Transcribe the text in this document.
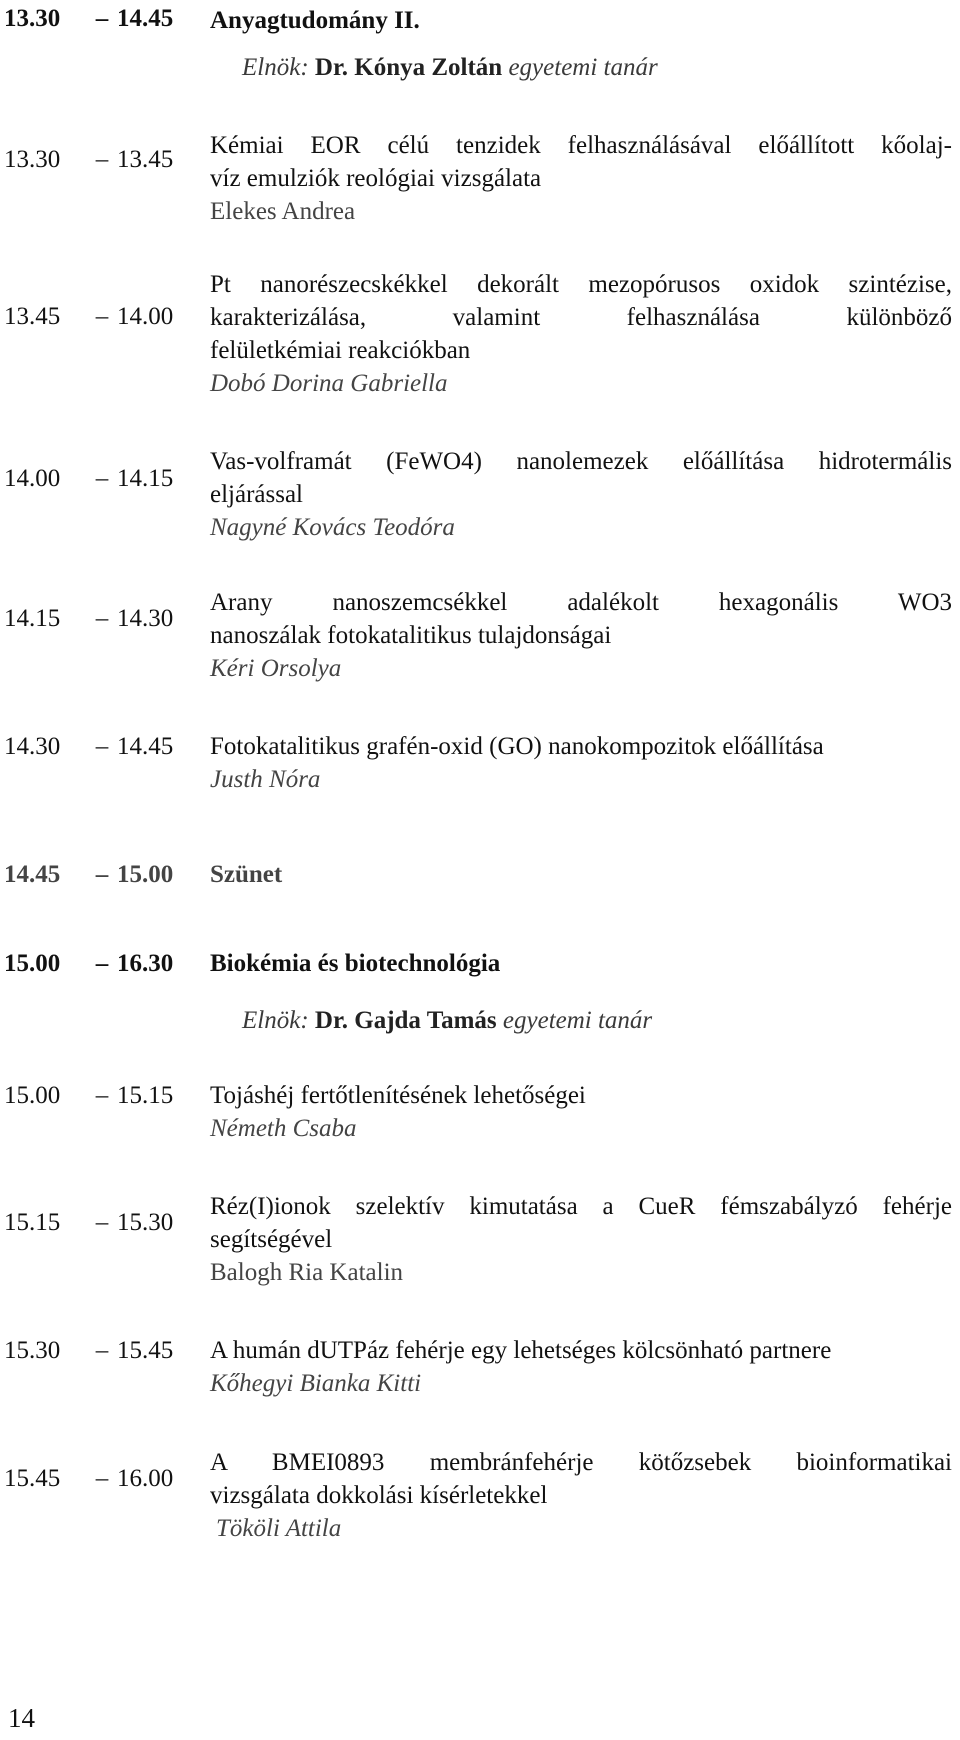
13.30 – 14.45 Anyagtudomány II.
Elnök: Dr. Kónya Zoltán egyetemi tanár
13.30 – 13.45
Kémiai EOR célú tenzidek felhasználásával előállított kőolaj-
víz emulziók reológiai vizsgálata
Elekes Andrea
13.45 – 14.00
Pt nanorészecskékkel dekorált mezopórusos oxidok szintézise,
karakterizálása, valamint felhasználása különböző
felületkémiai reakciókban
Dobó Dorina Gabriella
14.00 – 14.15
Vas-volframát (FeWO4) nanolemezek előállítása hidrotermális
eljárással
Nagyné Kovács Teodóra
14.15 – 14.30
Arany nanoszemcsékkel adalékolt hexagonális WO3
nanoszálak fotokatalitikus tulajdonságai
Kéri Orsolya
14.30 – 14.45 Fotokatalitikus grafén-oxid (GO) nanokompozitok előállítása
Justh Nóra
14.45 – 15.00 Szünet
15.00 – 16.30 Biokémia és biotechnológia
Elnök: Dr. Gajda Tamás egyetemi tanár
15.00 – 15.15 Tojáshéj fertőtlenítésének lehetőségei
Németh Csaba
15.15 – 15.30
Réz(I)ionok szelektív kimutatása a CueR fémszabályzó fehérje
segítségével
Balogh Ria Katalin
15.30 – 15.45 A humán dUTPáz fehérje egy lehetséges kölcsönható partnere
Kőhegyi Bianka Kitti
15.45 – 16.00
A BMEI0893 membránfehérje kötőzsebek bioinformatikai
vizsgálata dokkolási kísérletekkel
Tököli Attila
14
